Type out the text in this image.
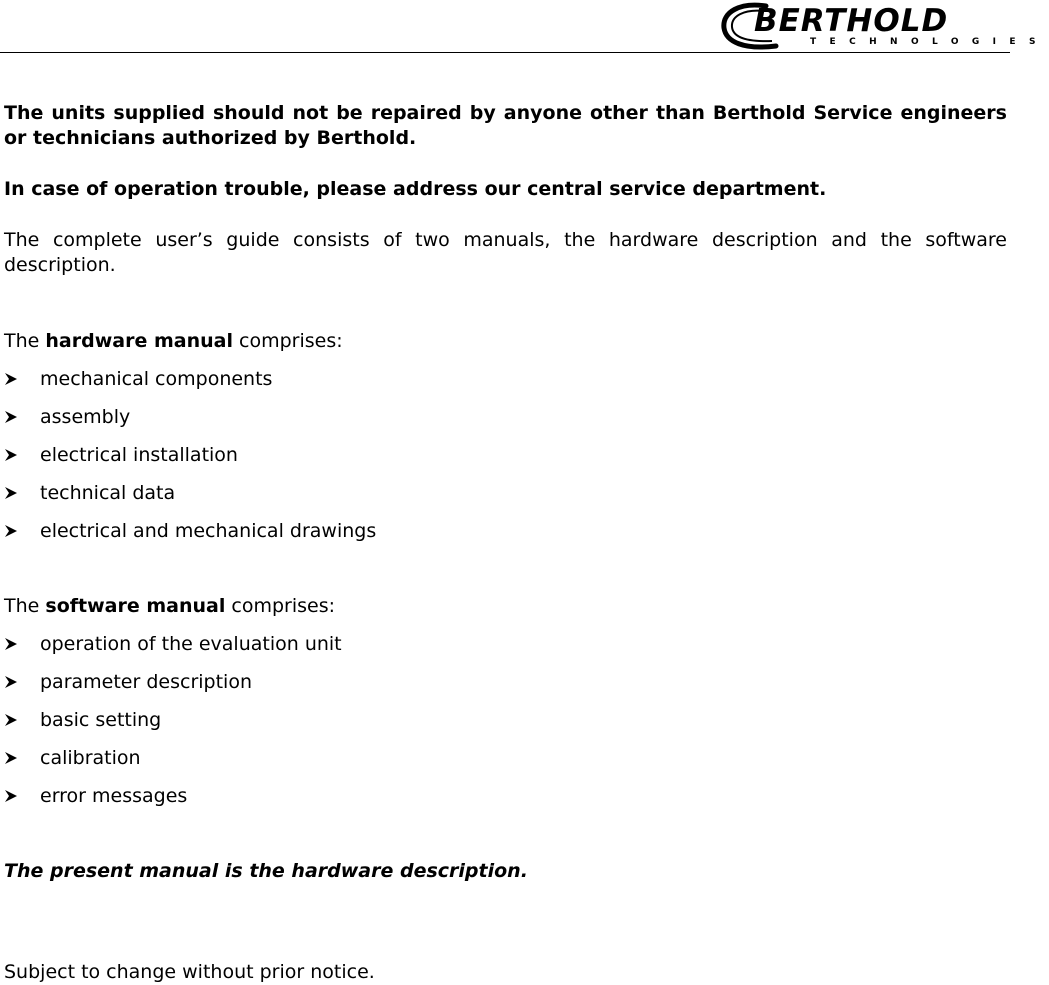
BERTHOLD
TECHNOLOGIES

The units supplied should not be repaired by anyone other than Berthold Service engineers or technicians authorized by Berthold.

In case of operation trouble, please address our central service department.

The complete user’s guide consists of two manuals, the hardware description and the software description.

The hardware manual comprises:

mechanical components
assembly
electrical installation
technical data
electrical and mechanical drawings

The software manual comprises:

operation of the evaluation unit
parameter description
basic setting
calibration
error messages

The present manual is the hardware description.

Subject to change without prior notice.
